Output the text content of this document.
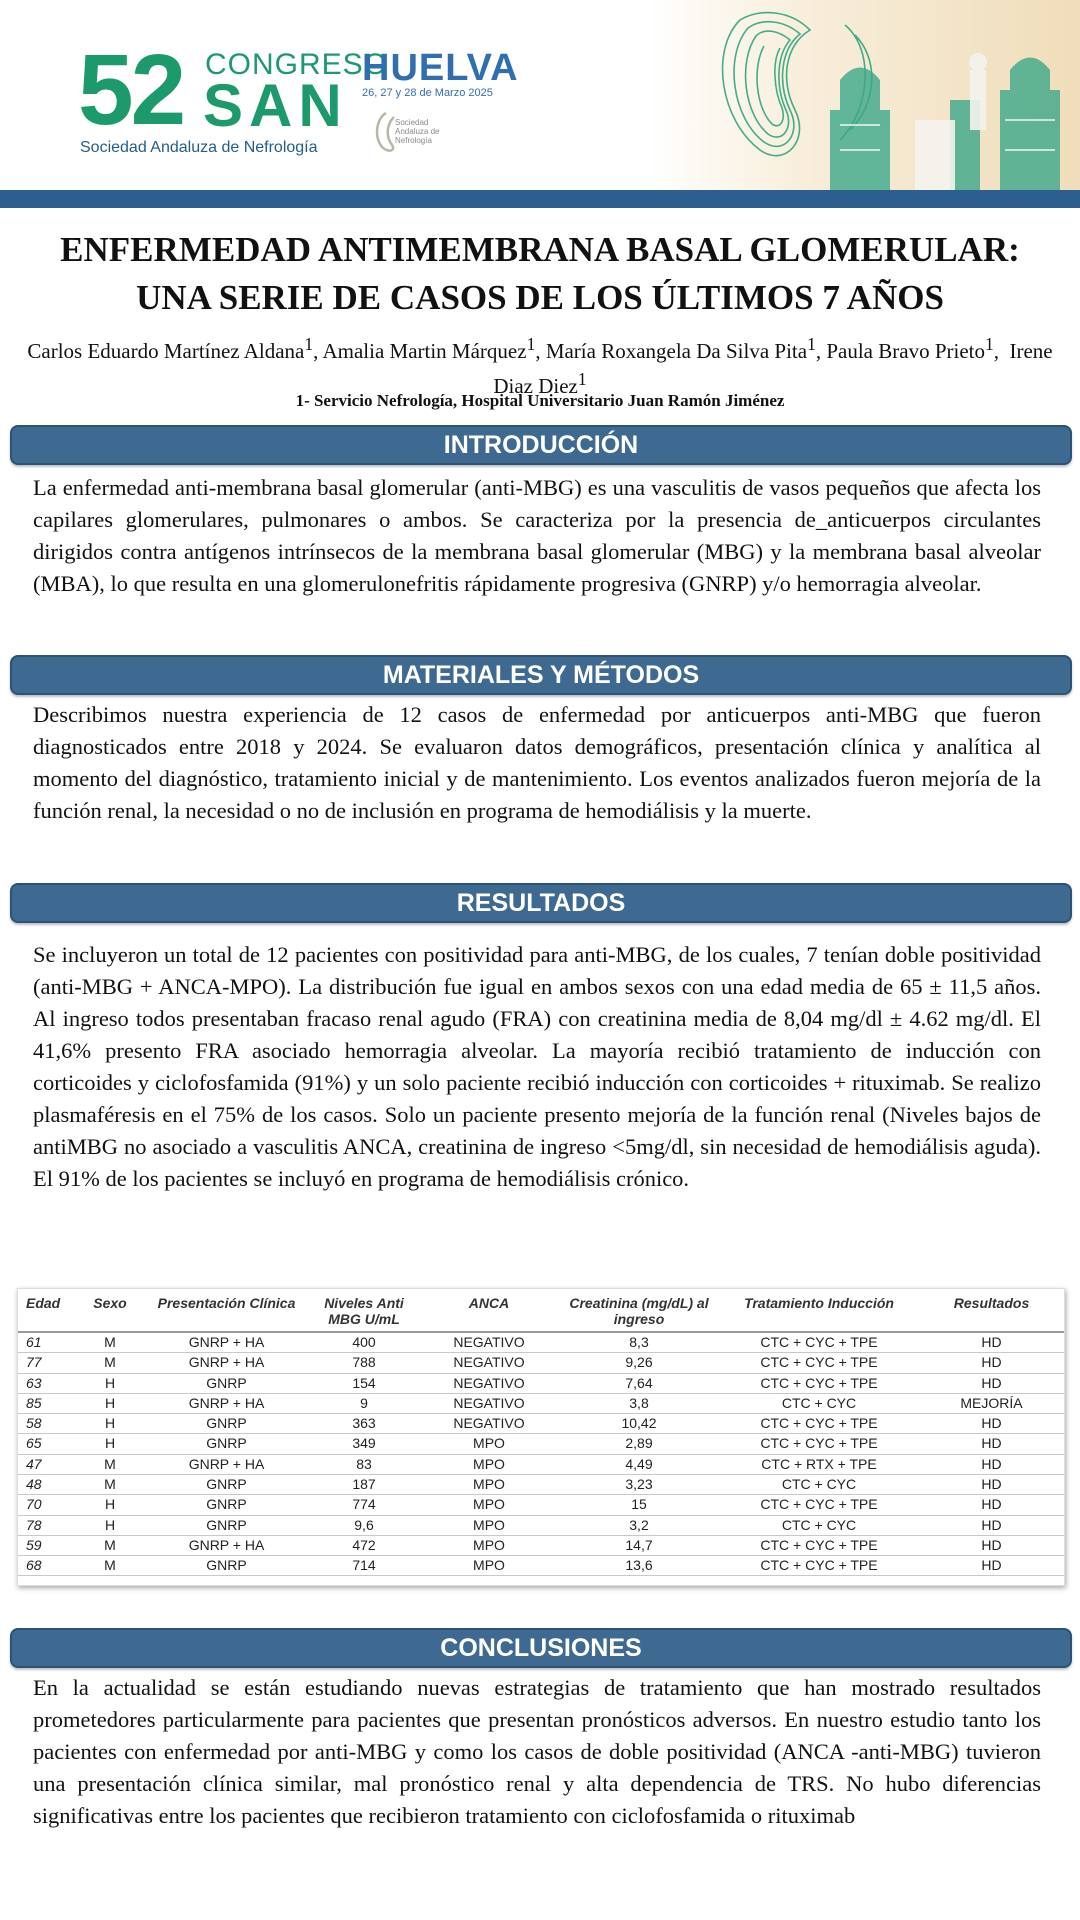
52 CONGRESO
SAN
Sociedad Andaluza de Nefrología
HUELVA
26, 27 y 28 de Marzo 2025
Sociedad
Andaluza de
Nefrología
ENFERMEDAD ANTIMEMBRANA BASAL GLOMERULAR:
UNA SERIE DE CASOS DE LOS ÚLTIMOS 7 AÑOS
Carlos Eduardo Martínez Aldana$^1$, Amalia Martin Márquez$^1$, María Roxangela Da Silva Pita$^1$, Paula Bravo Prieto$^1$,  Irene Diaz Diez$^1$
1- Servicio Nefrología, Hospital Universitario Juan Ramón Jiménez
INTRODUCCIÓN
La enfermedad anti-membrana basal glomerular (anti-MBG) es una vasculitis de vasos pequeños que afecta los capilares glomerulares, pulmonares o ambos. Se caracteriza por la presencia de_anticuerpos circulantes dirigidos contra antígenos intrínsecos de la membrana basal glomerular (MBG) y la membrana basal alveolar (MBA), lo que resulta en una glomerulonefritis rápidamente progresiva (GNRP) y/o hemorragia alveolar.
MATERIALES Y MÉTODOS
Describimos nuestra experiencia de 12 casos de enfermedad por anticuerpos anti-MBG que fueron diagnosticados entre 2018 y 2024. Se evaluaron datos demográficos, presentación clínica y analítica al momento del diagnóstico, tratamiento inicial y de mantenimiento. Los eventos analizados fueron mejoría de la función renal, la necesidad o no de inclusión en programa de hemodiálisis y la muerte.
RESULTADOS
Se incluyeron un total de 12 pacientes con positividad para anti-MBG, de los cuales, 7 tenían doble positividad (anti-MBG + ANCA-MPO). La distribución fue igual en ambos sexos con una edad media de 65 ± 11,5 años. Al ingreso todos presentaban fracaso renal agudo (FRA) con creatinina media de 8,04 mg/dl ± 4.62 mg/dl. El 41,6% presento FRA asociado hemorragia alveolar. La mayoría recibió tratamiento de inducción con corticoides y ciclofosfamida (91%) y un solo paciente recibió inducción con corticoides + rituximab. Se realizo plasmaféresis en el 75% de los casos. Solo un paciente presento mejoría de la función renal (Niveles bajos de antiMBG no asociado a vasculitis ANCA, creatinina de ingreso <5mg/dl, sin necesidad de hemodiálisis aguda). El 91% de los pacientes se incluyó en programa de hemodiálisis crónico.
Edad	Sexo	Presentación Clínica	Niveles Anti MBG U/mL	ANCA	Creatinina (mg/dL) al ingreso	Tratamiento Inducción	Resultados
61	M	GNRP + HA	400	NEGATIVO	8,3	CTC + CYC + TPE	HD
77	M	GNRP + HA	788	NEGATIVO	9,26	CTC + CYC + TPE	HD
63	H	GNRP	154	NEGATIVO	7,64	CTC + CYC + TPE	HD
85	H	GNRP + HA	9	NEGATIVO	3,8	CTC + CYC	MEJORÍA
58	H	GNRP	363	NEGATIVO	10,42	CTC + CYC + TPE	HD
65	H	GNRP	349	MPO	2,89	CTC + CYC + TPE	HD
47	M	GNRP + HA	83	MPO	4,49	CTC + RTX + TPE	HD
48	M	GNRP	187	MPO	3,23	CTC + CYC	HD
70	H	GNRP	774	MPO	15	CTC + CYC + TPE	HD
78	H	GNRP	9,6	MPO	3,2	CTC + CYC	HD
59	M	GNRP + HA	472	MPO	14,7	CTC + CYC + TPE	HD
68	M	GNRP	714	MPO	13,6	CTC + CYC + TPE	HD
CONCLUSIONES
En la actualidad se están estudiando nuevas estrategias de tratamiento que han mostrado resultados prometedores particularmente para pacientes que presentan pronósticos adversos. En nuestro estudio tanto los pacientes con enfermedad por anti-MBG y como los casos de doble positividad (ANCA -anti-MBG) tuvieron una presentación clínica similar, mal pronóstico renal y alta dependencia de TRS. No hubo diferencias significativas entre los pacientes que recibieron tratamiento con ciclofosfamida o rituximab
